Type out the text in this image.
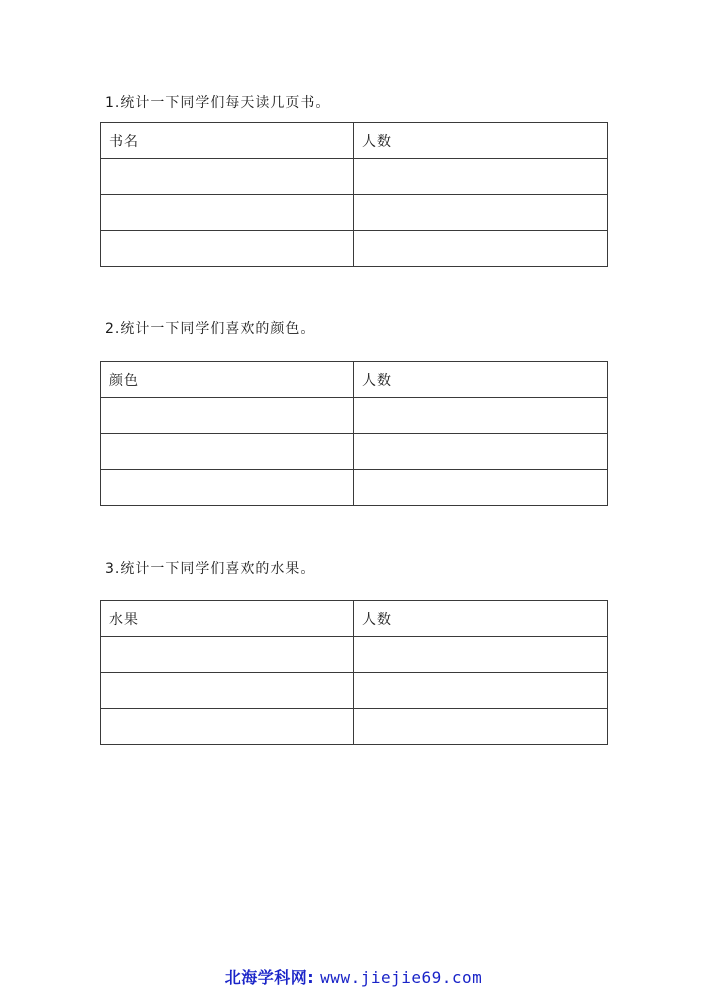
1.统计一下同学们每天读几页书。
书名	人数

2.统计一下同学们喜欢的颜色。
颜色	人数

3.统计一下同学们喜欢的水果。
水果	人数

北海学科网: www.jiejie69.com
